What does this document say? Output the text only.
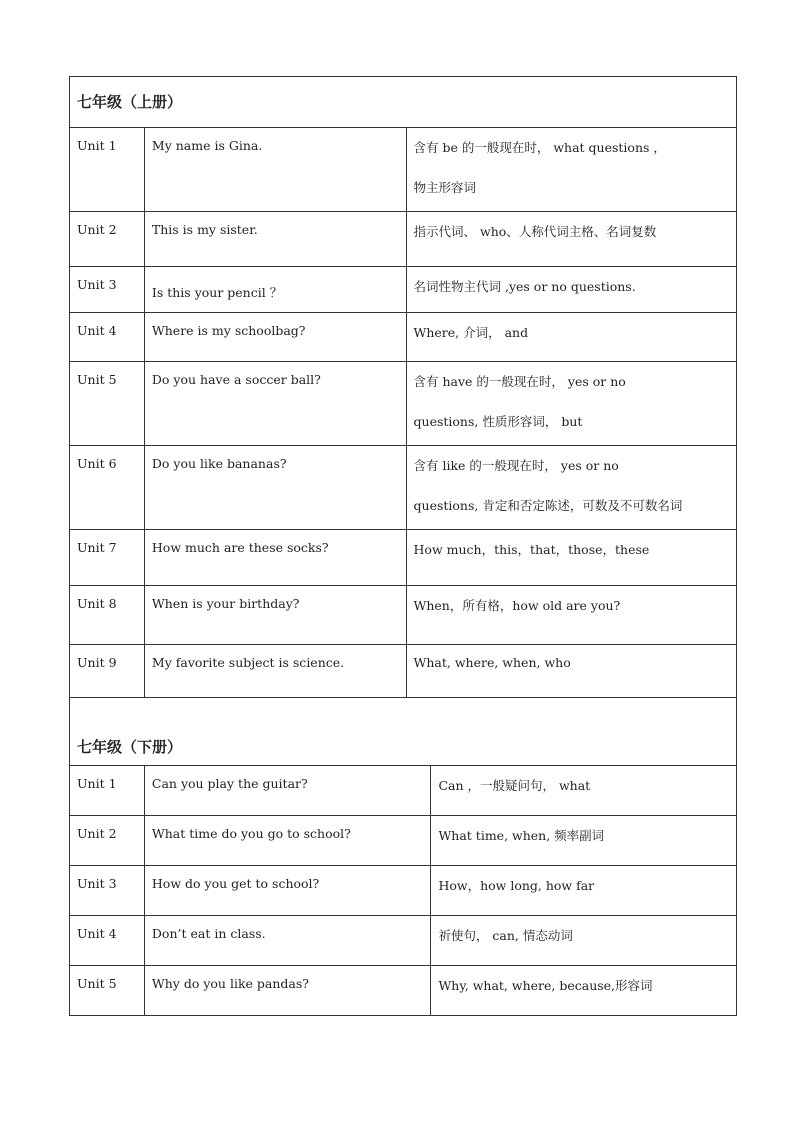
七年级（上册）			
Unit 1	My name is Gina.	含有 be 的一般现在时， what questions ，
物主形容词	

Unit 2	This is my sister.	指示代词、 who、人称代词主格、名词复数	

Unit 3	Is this your pencil ？	名词性物主代词 ,yes or no questions.	

Unit 4	Where is my schoolbag?	Where, 介词， and	

Unit 5	Do you have a soccer ball?	含有 have 的一般现在时， yes or no
questions, 性质形容词， but	

Unit 6	Do you like bananas?	含有 like 的一般现在时， yes or no
questions, 肯定和否定陈述，可数及不可数名词	

Unit 7	How much are these socks?	How much，this，that，those，these	

Unit 8	When is your birthday?	When，所有格，how old are you?	

Unit 9	My favorite subject is science.	What, where, when, who	
七年级（下册）			
Unit 1	Can you play the guitar?		Can ，一般疑问句， what

Unit 2	What time do you go to school?		What time, when, 频率副词

Unit 3	How do you get to school?		How，how long, how far
Unit 4	Don’t eat in class.		祈使句， can, 情态动词

Unit 5	Why do you like pandas?		Why, what, where, because,形容词
